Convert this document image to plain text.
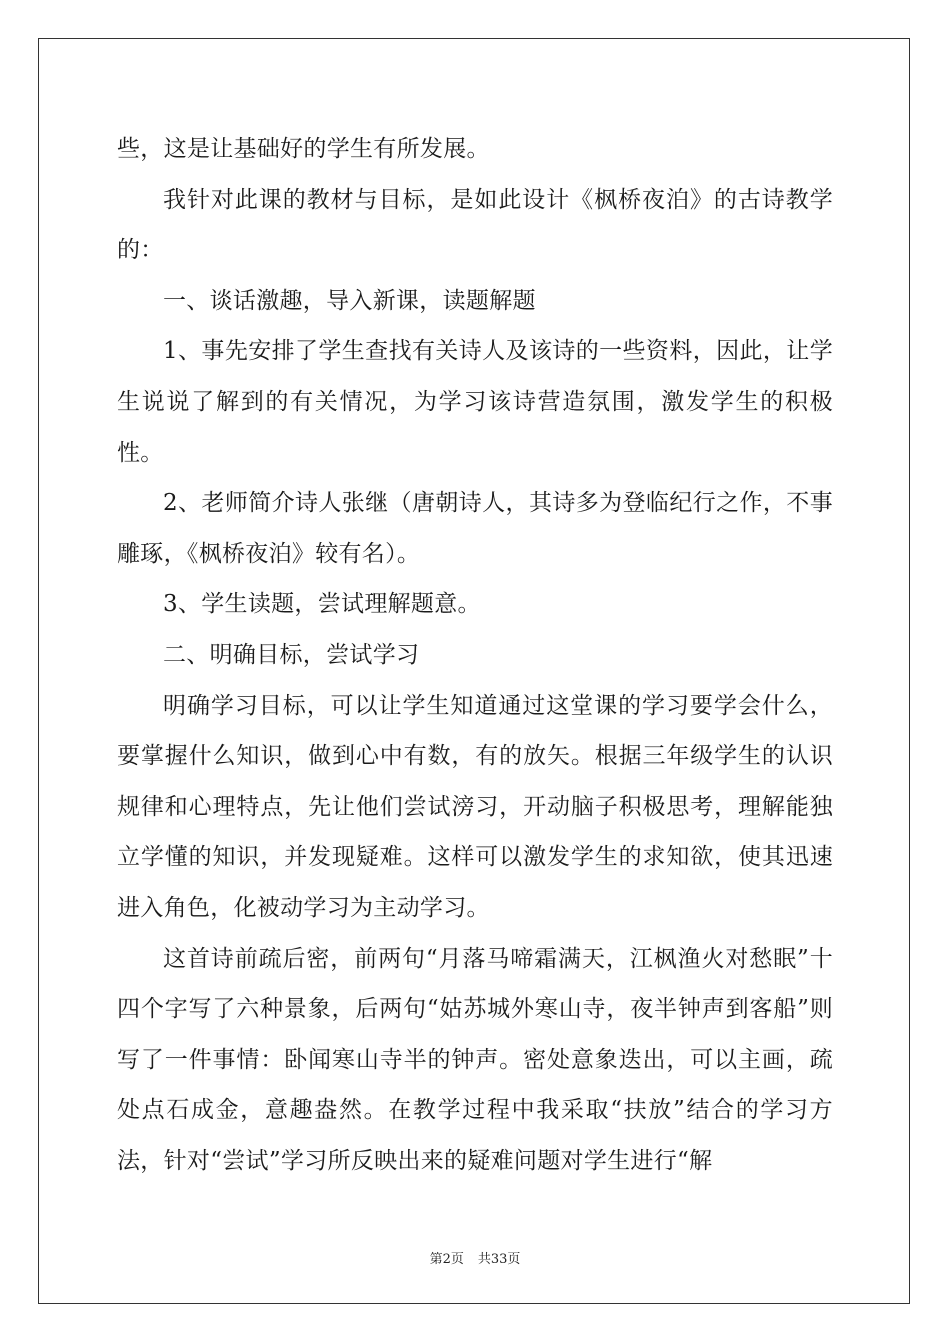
些，这是让基础好的学生有所发展。

我针对此课的教材与目标，是如此设计《枫桥夜泊》的古诗教学的：

一、谈话激趣，导入新课，读题解题

1、事先安排了学生查找有关诗人及该诗的一些资料，因此，让学生说说了解到的有关情况，为学习该诗营造氛围，激发学生的积极性。

2、老师简介诗人张继（唐朝诗人，其诗多为登临纪行之作，不事雕琢，《枫桥夜泊》较有名）。

3、学生读题，尝试理解题意。

二、明确目标，尝试学习

明确学习目标，可以让学生知道通过这堂课的学习要学会什么，要掌握什么知识，做到心中有数，有的放矢。根据三年级学生的认识规律和心理特点，先让他们尝试滂习，开动脑子积极思考，理解能独立学懂的知识，并发现疑难。这样可以激发学生的求知欲，使其迅速进入角色，化被动学习为主动学习。

这首诗前疏后密，前两句“月落马啼霜满天，江枫渔火对愁眠”十四个字写了六种景象，后两句“姑苏城外寒山寺，夜半钟声到客船”则写了一件事情：卧闻寒山寺半的钟声。密处意象迭出，可以主画，疏处点石成金，意趣盎然。在教学过程中我采取“扶放”结合的学习方法，针对“尝试”学习所反映出来的疑难问题对学生进行“解

第2页 共33页
